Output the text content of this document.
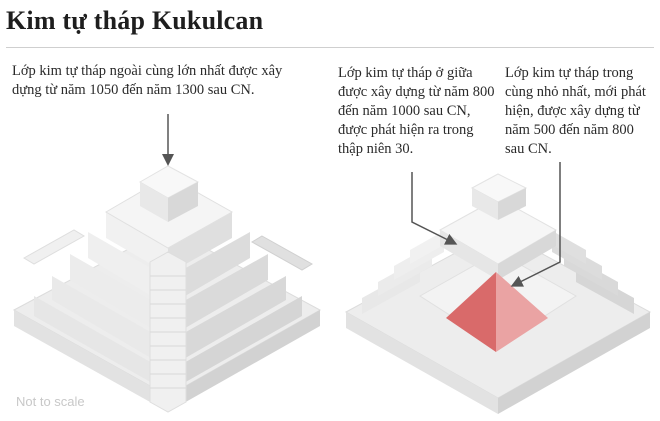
Kim tự tháp Kukulcan
Lớp kim tự tháp ngoài cùng lớn nhất được xây dựng từ năm 1050 đến năm 1300 sau CN.
Lớp kim tự tháp ở giữa được xây dựng từ năm 800 đến năm 1000 sau CN, được phát hiện ra trong thập niên 30.
Lớp kim tự tháp trong cùng nhỏ nhất, mới phát hiện, được xây dựng từ năm 500 đến năm 800 sau CN.
Not to scale
